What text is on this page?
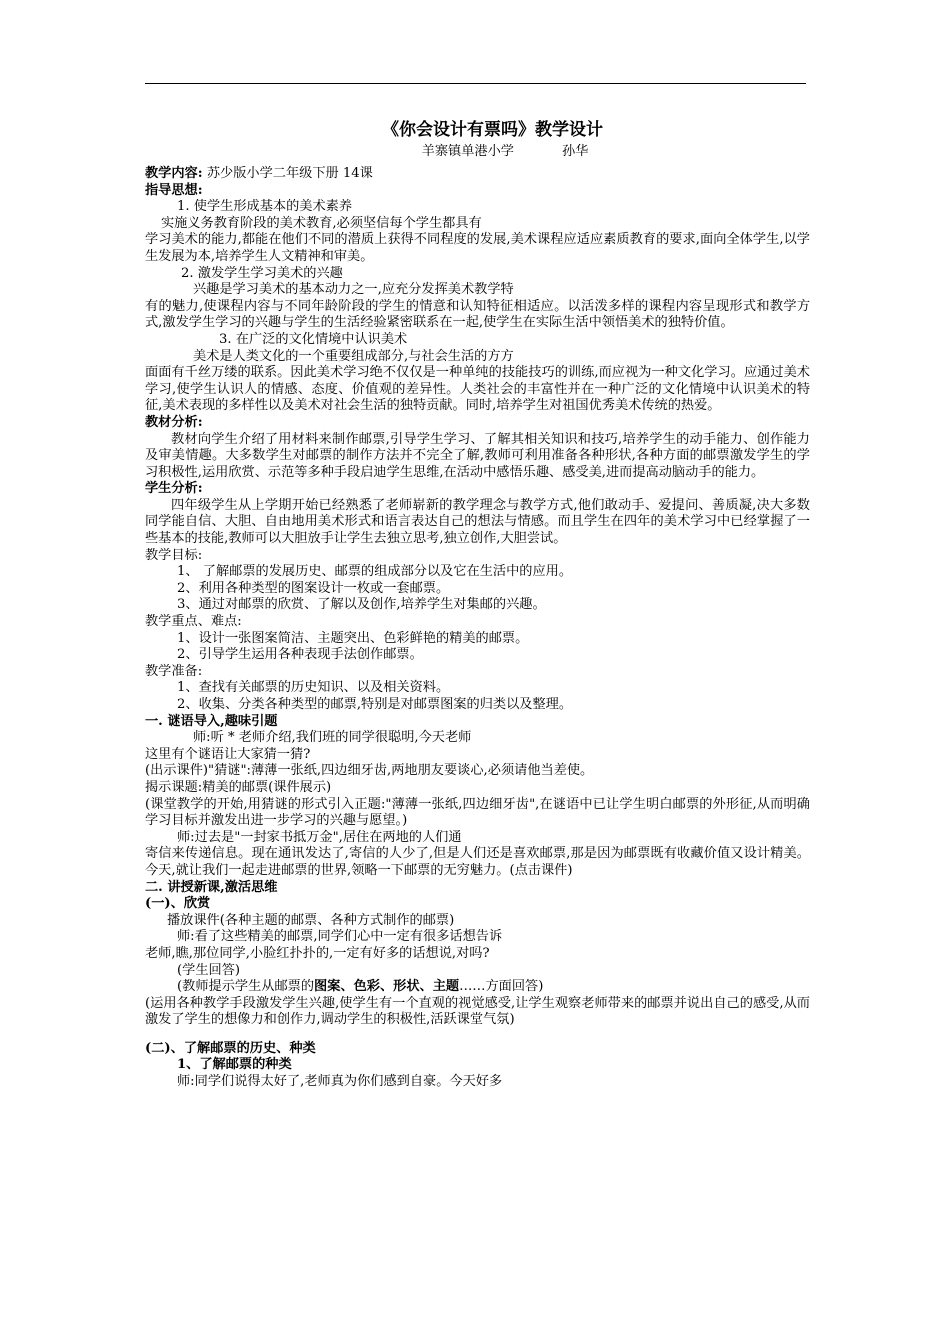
《你会设计有票吗》教学设计
羊寨镇单港小学	孙华
教学内容: 苏少版小学二年级下册 14课
指导思想:
1. 使学生形成基本的美术素养
实施义务教育阶段的美术教育,必须坚信每个学生都具有
学习美术的能力,都能在他们不同的潜质上获得不同程度的发展,美术课程应适应素质教育的要求,面向全体学生,以学生发展为本,培养学生人文精神和审美。
2. 激发学生学习美术的兴趣
兴趣是学习美术的基本动力之一,应充分发挥美术教学特
有的魅力,使课程内容与不同年龄阶段的学生的情意和认知特征相适应。以活泼多样的课程内容呈现形式和教学方式,激发学生学习的兴趣与学生的生活经验紧密联系在一起,使学生在实际生活中领悟美术的独特价值。
3. 在广泛的文化情境中认识美术
美术是人类文化的一个重要组成部分,与社会生活的方方
面面有千丝万缕的联系。因此美术学习绝不仅仅是一种单纯的技能技巧的训练,而应视为一种文化学习。应通过美术学习,使学生认识人的情感、态度、价值观的差异性。人类社会的丰富性并在一种广泛的文化情境中认识美术的特征,美术表现的多样性以及美术对社会生活的独特贡献。同时,培养学生对祖国优秀美术传统的热爱。
教材分析:
教材向学生介绍了用材料来制作邮票,引导学生学习、了解其相关知识和技巧,培养学生的动手能力、创作能力及审美情趣。大多数学生对邮票的制作方法并不完全了解,教师可利用准备各种形状,各种方面的邮票激发学生的学习积极性,运用欣赏、示范等多种手段启迪学生思维,在活动中感悟乐趣、感受美,进而提高动脑动手的能力。
学生分析:
四年级学生从上学期开始已经熟悉了老师崭新的教学理念与教学方式,他们敢动手、爱提问、善质凝,决大多数同学能自信、大胆、自由地用美术形式和语言表达自己的想法与情感。而且学生在四年的美术学习中已经掌握了一些基本的技能,教师可以大胆放手让学生去独立思考,独立创作,大胆尝试。
教学目标:
1、 了解邮票的发展历史、邮票的组成部分以及它在生活中的应用。
2、利用各种类型的图案设计一枚或一套邮票。
3、通过对邮票的欣赏、了解以及创作,培养学生对集邮的兴趣。
教学重点、难点:
1、设计一张图案简洁、主题突出、色彩鲜艳的精美的邮票。
2、引导学生运用各种表现手法创作邮票。
教学准备:
1、查找有关邮票的历史知识、以及相关资料。
2、收集、分类各种类型的邮票,特别是对邮票图案的归类以及整理。
一. 谜语导入,趣味引题
师:听 * 老师介绍,我们班的同学很聪明,今天老师
这里有个谜语让大家猜一猜?
(出示课件)"猜谜":薄薄一张纸,四边细牙齿,两地朋友要谈心,必须请他当差使。
揭示课题:精美的邮票(课件展示)
(课堂教学的开始,用猜谜的形式引入正题:"薄薄一张纸,四边细牙齿",在谜语中已让学生明白邮票的外形征,从而明确学习目标并激发出进一步学习的兴趣与愿望。)
师:过去是"一封家书抵万金",居住在两地的人们通
寄信来传递信息。现在通讯发达了,寄信的人少了,但是人们还是喜欢邮票,那是因为邮票既有收藏价值又设计精美。今天,就让我们一起走进邮票的世界,领略一下邮票的无穷魅力。(点击课件)
二. 讲授新课,激活思维
(一)、欣赏
播放课件(各种主题的邮票、各种方式制作的邮票)
师:看了这些精美的邮票,同学们心中一定有很多话想告诉
老师,瞧,那位同学,小脸红扑扑的,一定有好多的话想说,对吗?
(学生回答)
(教师提示学生从邮票的图案、色彩、形状、主题……方面回答)
(运用各种教学手段激发学生兴趣,使学生有一个直观的视觉感受,让学生观察老师带来的邮票并说出自己的感受,从而激发了学生的想像力和创作力,调动学生的积极性,活跃课堂气氛)
(二)、了解邮票的历史、种类
1、了解邮票的种类
师:同学们说得太好了,老师真为你们感到自豪。今天好多
